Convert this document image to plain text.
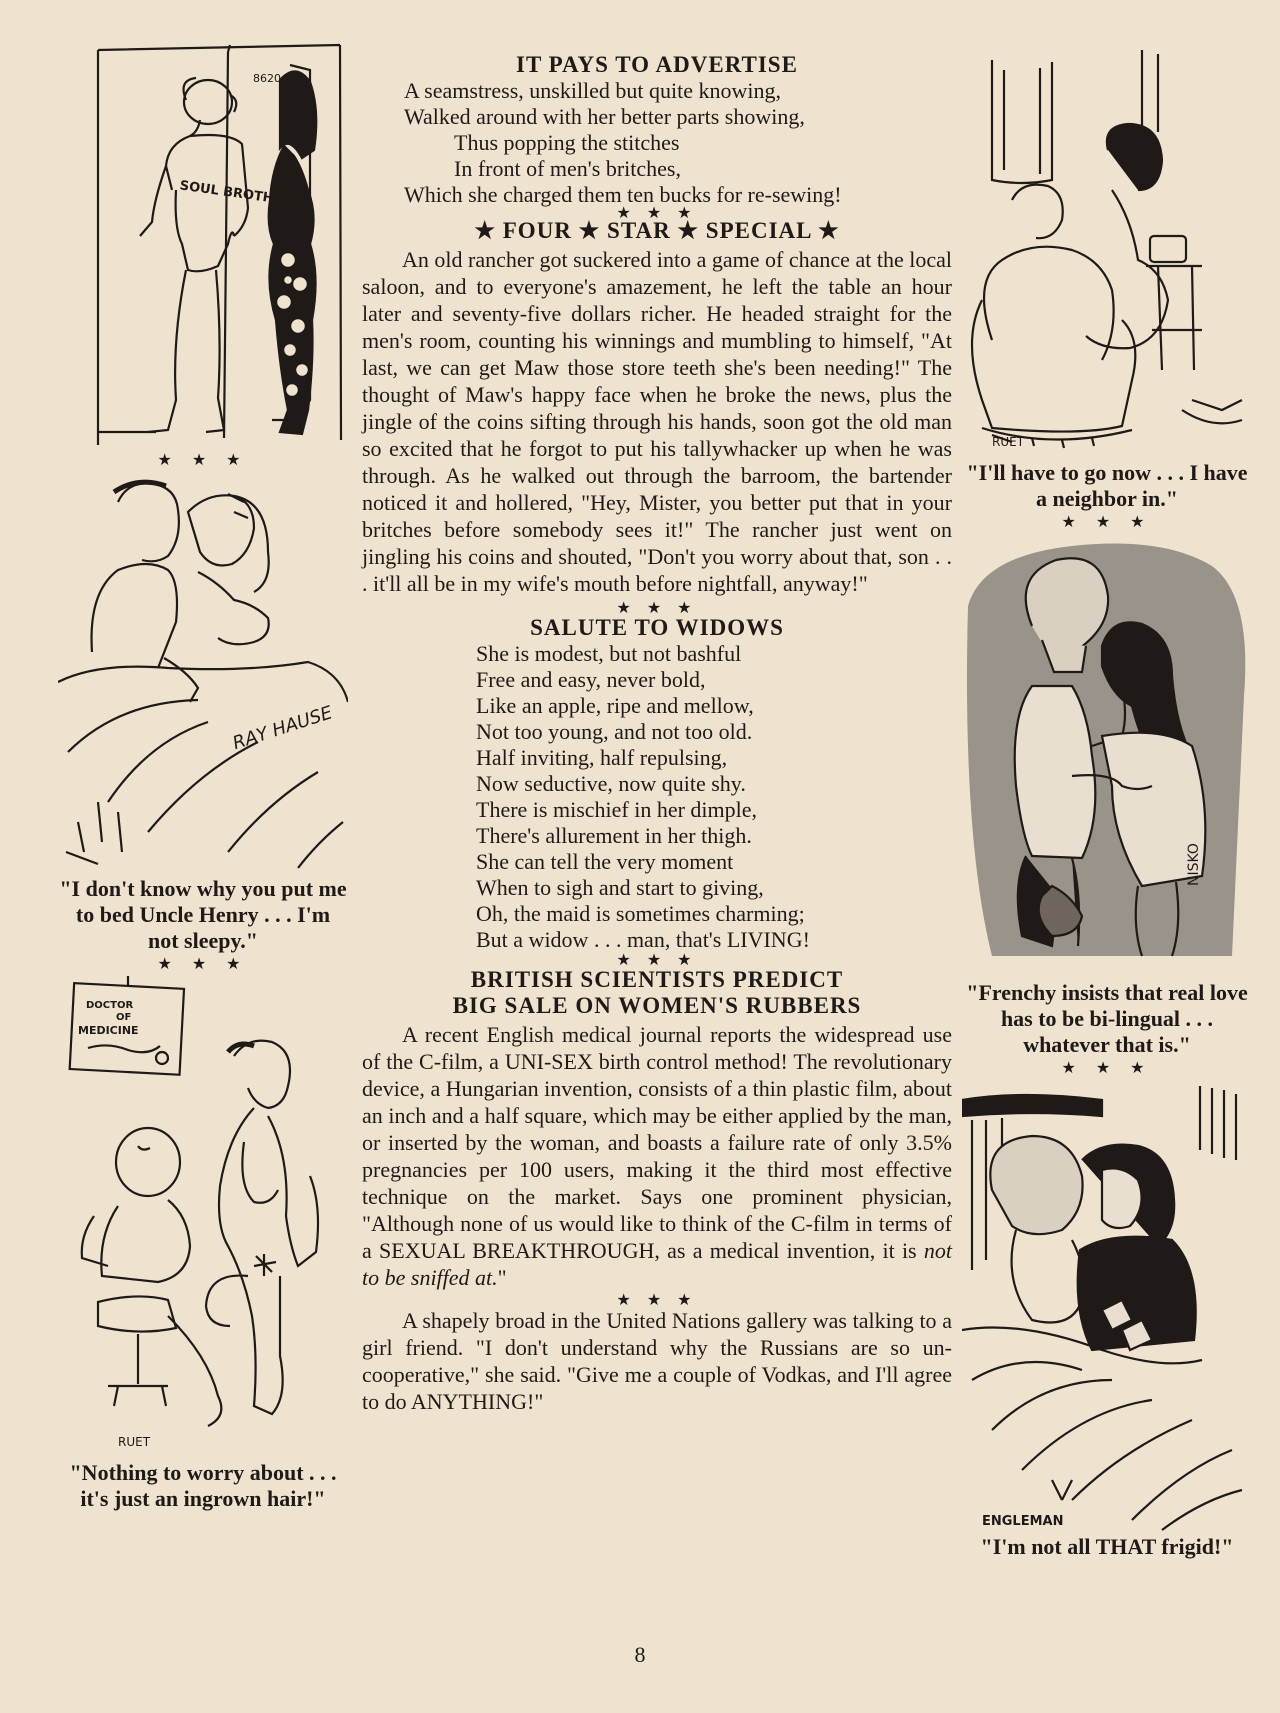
8620
SOUL BROTHER
★ ★ ★
RAY HAUSE

"I don't know why you put me to bed Uncle Henry . . . I'm not sleepy."

★ ★ ★
DOCTOR
OF
MEDICINE
RUET

"Nothing to worry about . . . it's just an ingrown hair!"

IT PAYS TO ADVERTISE
A seamstress, unskilled but quite knowing,
Walked around with her better parts showing,
Thus popping the stitches
In front of men's britches,
Which she charged them ten bucks for re-sewing!
★ ★ ★
★ FOUR ★ STAR ★ SPECIAL ★

An old rancher got suckered into a game of chance at the local saloon, and to everyone's amazement, he left the table an hour later and seventy-five dollars richer. He headed straight for the men's room, counting his winnings and mumbling to himself, "At last, we can get Maw those store teeth she's been needing!" The thought of Maw's happy face when he broke the news, plus the jingle of the coins sifting through his hands, soon got the old man so excited that he forgot to put his tallywhacker up when he was through. As he walked out through the barroom, the bartender noticed it and hollered, "Hey, Mister, you better put that in your britches before somebody sees it!" The rancher just went on jingling his coins and shouted, "Don't you worry about that, son . . . it'll all be in my wife's mouth before nightfall, anyway!"

★ ★ ★
SALUTE TO WIDOWS
She is modest, but not bashful
Free and easy, never bold,
Like an apple, ripe and mellow,
Not too young, and not too old.
Half inviting, half repulsing,
Now seductive, now quite shy.
There is mischief in her dimple,
There's allurement in her thigh.
She can tell the very moment
When to sigh and start to giving,
Oh, the maid is sometimes charming;
But a widow . . . man, that's LIVING!
★ ★ ★
BRITISH SCIENTISTS PREDICT
BIG SALE ON WOMEN'S RUBBERS

A recent English medical journal reports the widespread use of the C-film, a UNI-SEX birth control method! The revolutionary device, a Hungarian invention, consists of a thin plastic film, about an inch and a half square, which may be either applied by the man, or inserted by the woman, and boasts a failure rate of only 3.5% pregnancies per 100 users, making it the third most effective technique on the market. Says one prominent physician, "Although none of us would like to think of the C-film in terms of a SEXUAL BREAKTHROUGH, as a medical invention, it is not to be sniffed at."

★ ★ ★

A shapely broad in the United Nations gallery was talking to a girl friend. "I don't understand why the Russians are so un-cooperative," she said. "Give me a couple of Vodkas, and I'll agree to do ANYTHING!"

RUET

"I'll have to go now . . . I have a neighbor in."

★ ★ ★
NISKO

"Frenchy insists that real love has to be bi-lingual . . . whatever that is."

★ ★ ★
ENGLEMAN

"I'm not all THAT frigid!"

8
